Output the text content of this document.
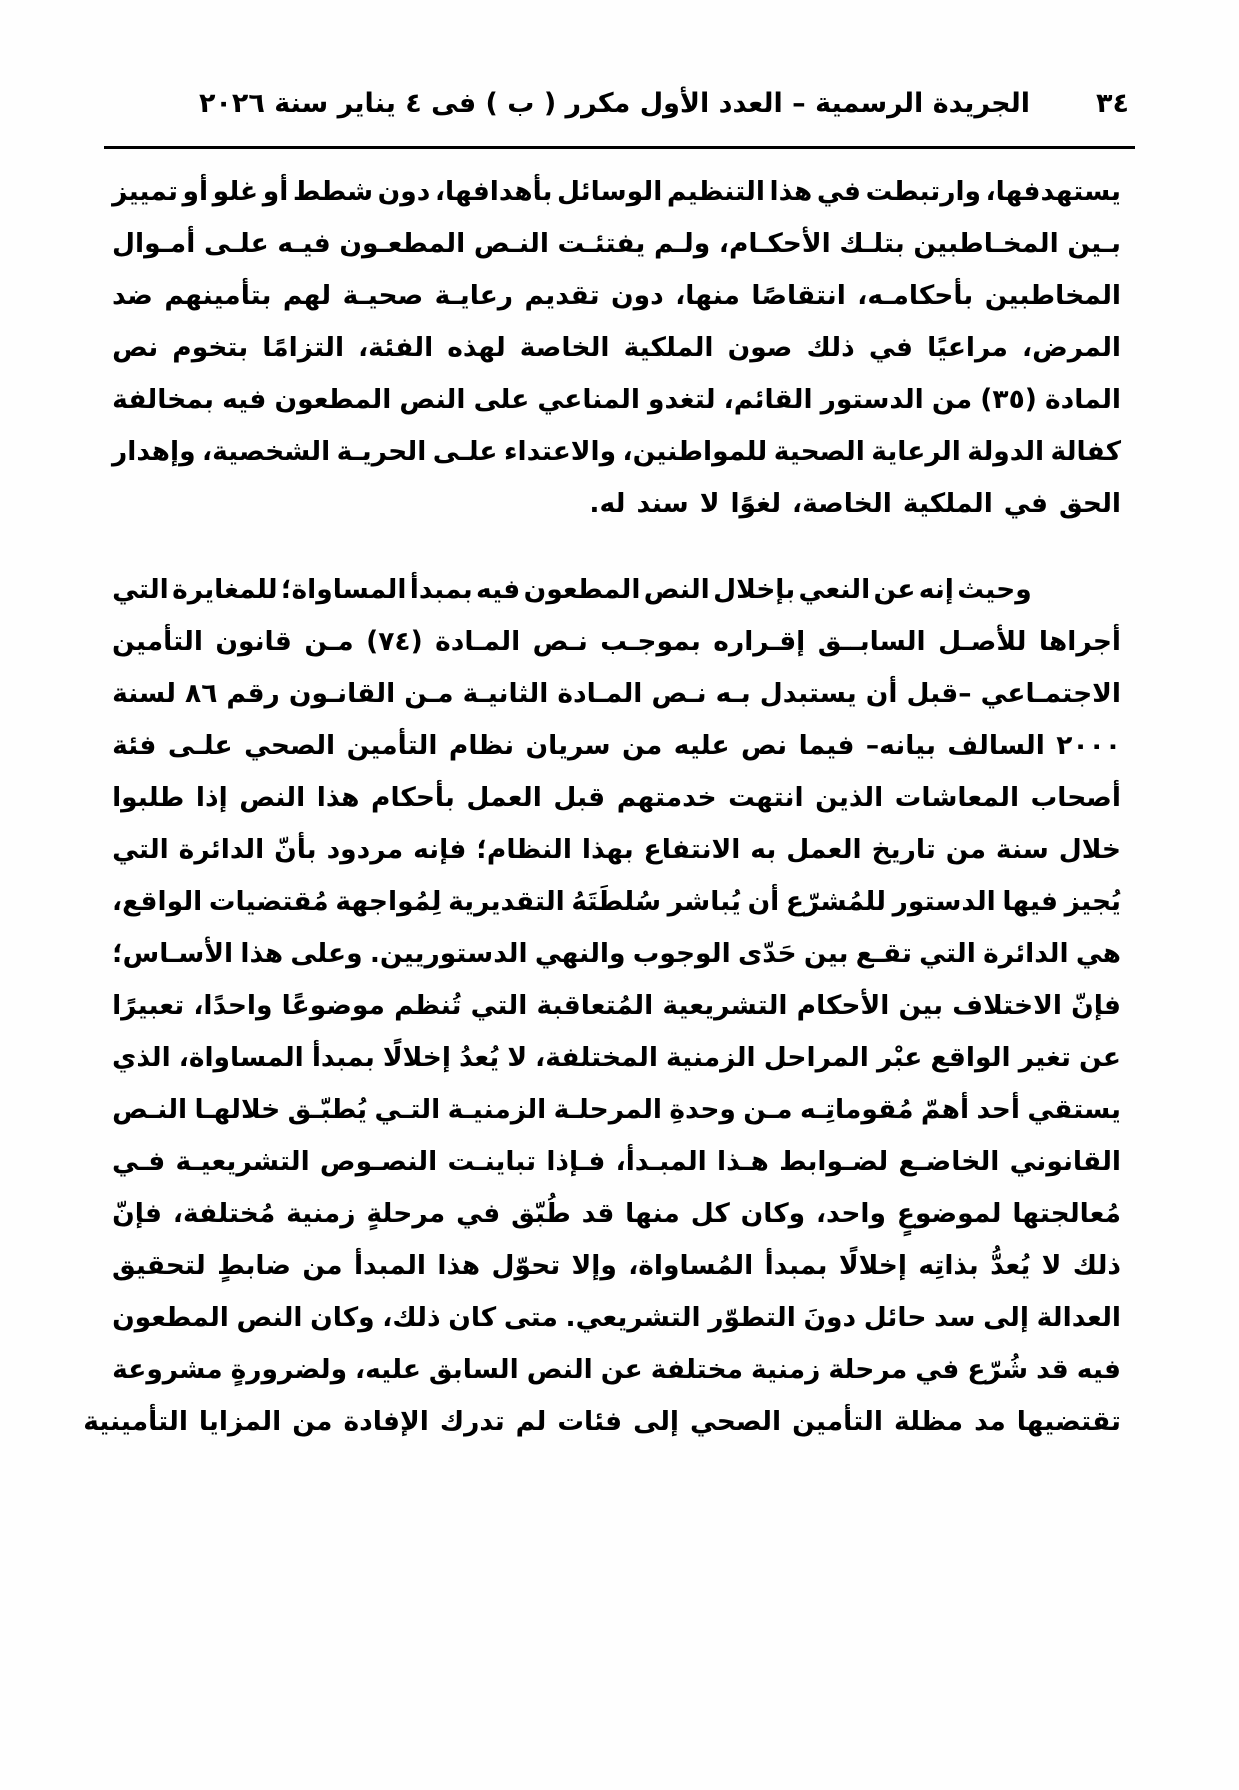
٣٤
الجريدة الرسمية – العدد الأول مكرر ( ب ) فى ٤ يناير سنة ٢٠٢٦
يستهدفها،
وارتبطت
في
هذا
التنظيم
الوسائل
بأهدافها،
دون
شطط
أو
غلو
أو
تمييز
بـين
المخـاطبين
بتلـك
الأحكـام،
ولـم
يفتئـت
النـص
المطعـون
فيـه
علـى
أمـوال
المخاطبين
بأحكامـه،
انتقاصًا
منها،
دون
تقديم
رعايـة
صحيـة
لهم
بتأمينهم
ضد
المرض،
مراعيًا
في
ذلك
صون
الملكية
الخاصة
لهذه
الفئة،
التزامًا
بتخوم
نص
المادة
(٣٥)
من
الدستور
القائم،
لتغدو
المناعي
على
النص
المطعون
فيه
بمخالفة
كفالة
الدولة
الرعاية
الصحية
للمواطنين،
والاعتداء
علـى
الحريـة
الشخصية،
وإهدار
الحق
في
الملكية
الخاصة،
لغوًا
لا
سند
له.
وحيث
إنه
عن
النعي
بإخلال
النص
المطعون
فيه
بمبدأ
المساواة؛
للمغايرة
التي
أجراها
للأصـل
السابــق
إقـراره
بموجـب
نـص
المـادة
(٧٤)
مـن
قانون
التأمين
الاجتمـاعي
–قبل
أن
يستبدل
بـه
نـص
المـادة
الثانيـة
مـن
القانـون
رقم
٨٦
لسنة
٢٠٠٠
السالف
بيانه–
فيما
نص
عليه
من
سريان
نظام
التأمين
الصحي
علـى
فئة
أصحاب
المعاشات
الذين
انتهت
خدمتهم
قبل
العمل
بأحكام
هذا
النص
إذا
طلبوا
خلال
سنة
من
تاريخ
العمل
به
الانتفاع
بهذا
النظام؛
فإنه
مردود
بأنّ
الدائرة
التي
يُجيز
فيها
الدستور
للمُشرّع
أن
يُباشر
سُلطَتَهُ
التقديرية
لِمُواجهة
مُقتضيات
الواقع،
هي
الدائرة
التي
تقـع
بين
حَدّى
الوجوب
والنهي
الدستوريين.
وعلى
هذا
الأسـاس؛
فإنّ
الاختلاف
بين
الأحكام
التشريعية
المُتعاقبة
التي
تُنظم
موضوعًا
واحدًا،
تعبيرًا
عن
تغير
الواقع
عبْر
المراحل
الزمنية
المختلفة،
لا
يُعدُ
إخلالًا
بمبدأ
المساواة،
الذي
يستقي
أحد
أهمّ
مُقوماتِـه
مـن
وحدةِ
المرحلـة
الزمنيـة
التـي
يُطبّـق
خلالهـا
النـص
القانوني
الخاضـع
لضـوابط
هـذا
المبـدأ،
فـإذا
تباينـت
النصـوص
التشريعيـة
فـي
مُعالجتها
لموضوعٍ
واحد،
وكان
كل
منها
قد
طُبّق
في
مرحلةٍ
زمنية
مُختلفة،
فإنّ
ذلك
لا
يُعدُّ
بذاتِه
إخلالًا
بمبدأ
المُساواة،
وإلا
تحوّل
هذا
المبدأ
من
ضابطٍ
لتحقيق
العدالة
إلى
سد
حائل
دونَ
التطوّر
التشريعي.
متى
كان
ذلك،
وكان
النص
المطعون
فيه
قد
شُرّع
في
مرحلة
زمنية
مختلفة
عن
النص
السابق
عليه،
ولضرورةٍ
مشروعة
تقتضيها
مد
مظلة
التأمين
الصحي
إلى
فئات
لم
تدرك
الإفادة
من
المزايا
التأمينية
